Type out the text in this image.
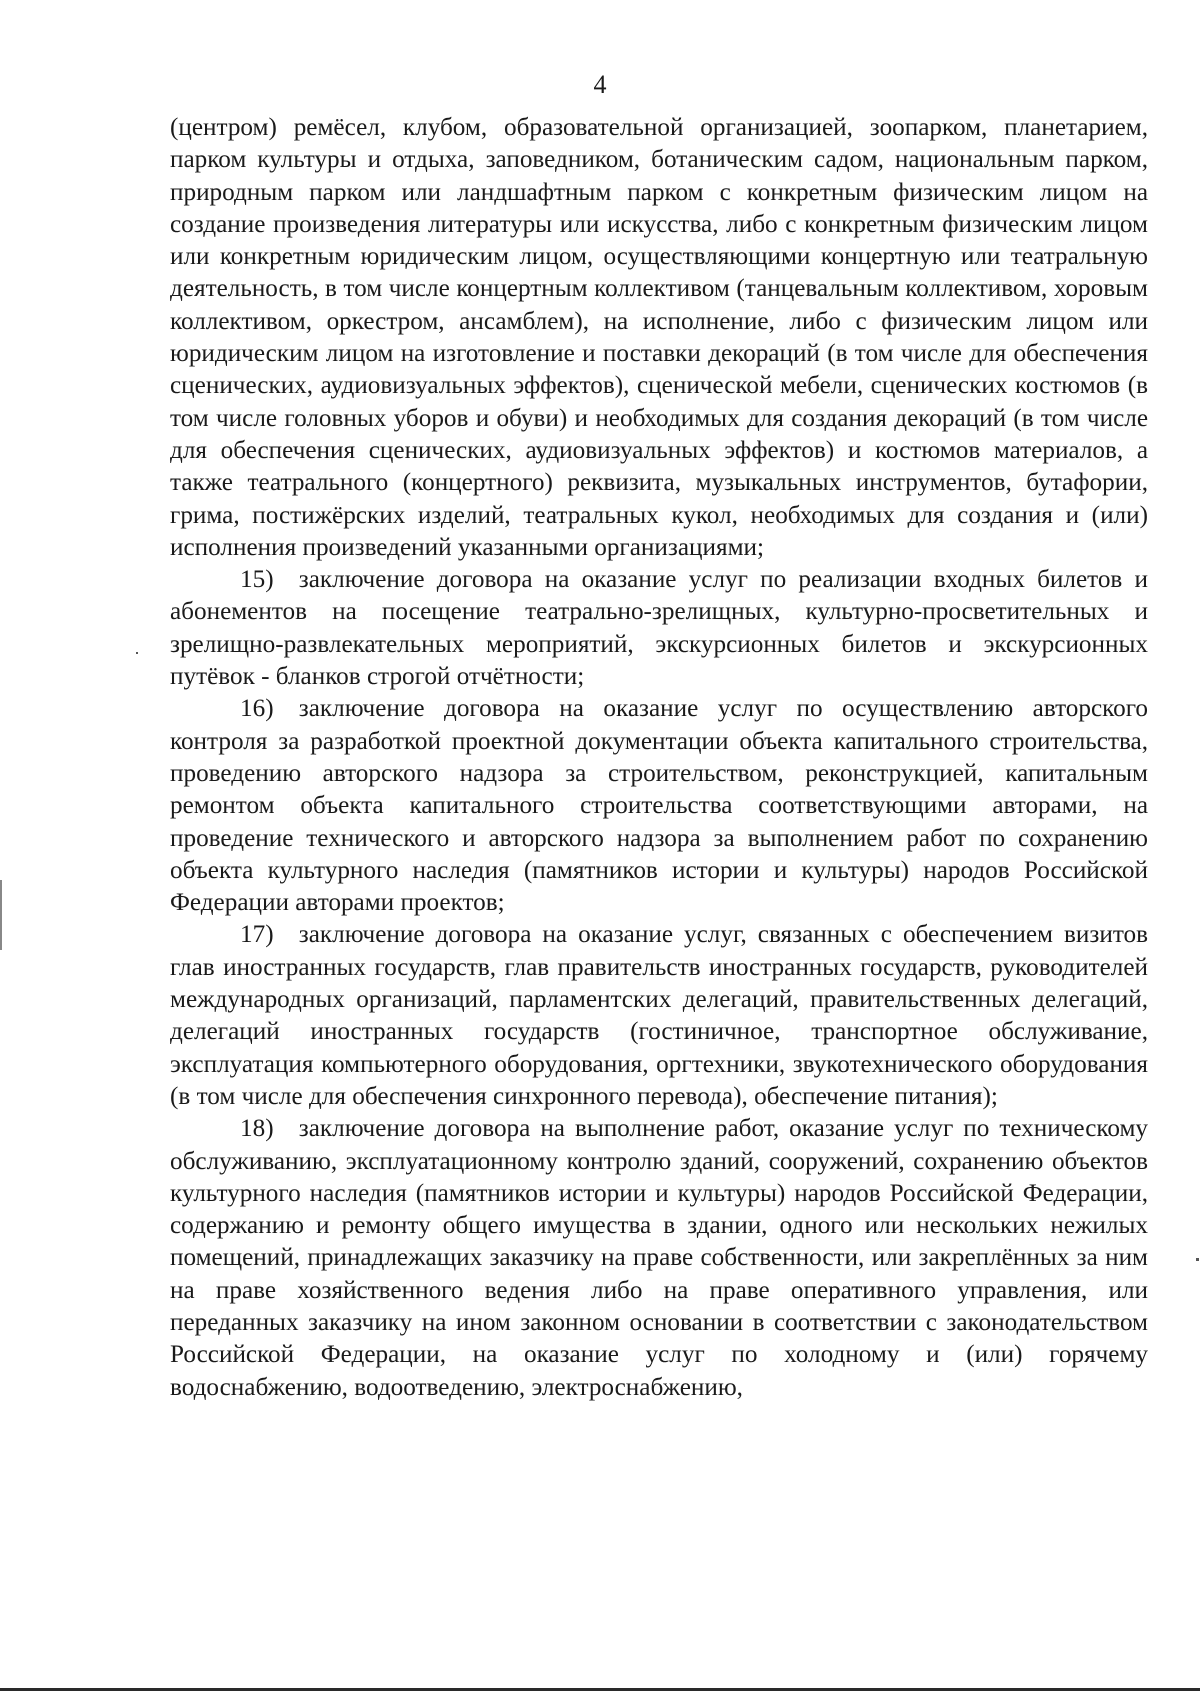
4

(центром) ремёсел, клубом, образовательной организацией, зоопарком, планетарием, парком культуры и отдыха, заповедником, ботаническим садом, национальным парком, природным парком или ландшафтным парком с конкретным физическим лицом на создание произведения литературы или искусства, либо с конкретным физическим лицом или конкретным юридическим лицом, осуществляющими концертную или театральную деятельность, в том числе концертным коллективом (танцевальным коллективом, хоровым коллективом, оркестром, ансамблем), на исполнение, либо с физическим лицом или юридическим лицом на изготовление и поставки декораций (в том числе для обеспечения сценических, аудиовизуальных эффектов), сценической мебели, сценических костюмов (в том числе головных уборов и обуви) и необходимых для создания декораций (в том числе для обеспечения сценических, аудиовизуальных эффектов) и костюмов материалов, а также театрального (концертного) реквизита, музыкальных инструментов, бутафории, грима, постижёрских изделий, театральных кукол, необходимых для создания и (или) исполнения произведений указанными организациями;

15) заключение договора на оказание услуг по реализации входных билетов и абонементов на посещение театрально-зрелищных, культурно-просветительных и зрелищно-развлекательных мероприятий, экскурсионных билетов и экскурсионных путёвок - бланков строгой отчётности;

16) заключение договора на оказание услуг по осуществлению авторского контроля за разработкой проектной документации объекта капитального строительства, проведению авторского надзора за строительством, реконструкцией, капитальным ремонтом объекта капитального строительства соответствующими авторами, на проведение технического и авторского надзора за выполнением работ по сохранению объекта культурного наследия (памятников истории и культуры) народов Российской Федерации авторами проектов;

17) заключение договора на оказание услуг, связанных с обеспечением визитов глав иностранных государств, глав правительств иностранных государств, руководителей международных организаций, парламентских делегаций, правительственных делегаций, делегаций иностранных государств (гостиничное, транспортное обслуживание, эксплуатация компьютерного оборудования, оргтехники, звукотехнического оборудования (в том числе для обеспечения синхронного перевода), обеспечение питания);

18) заключение договора на выполнение работ, оказание услуг по техническому обслуживанию, эксплуатационному контролю зданий, сооружений, сохранению объектов культурного наследия (памятников истории и культуры) народов Российской Федерации, содержанию и ремонту общего имущества в здании, одного или нескольких нежилых помещений, принадлежащих заказчику на праве собственности, или закреплённых за ним на праве хозяйственного ведения либо на праве оперативного управления, или переданных заказчику на ином законном основании в соответствии с законодательством Российской Федерации, на оказание услуг по холодному и (или) горячему водоснабжению, водоотведению, электроснабжению,
